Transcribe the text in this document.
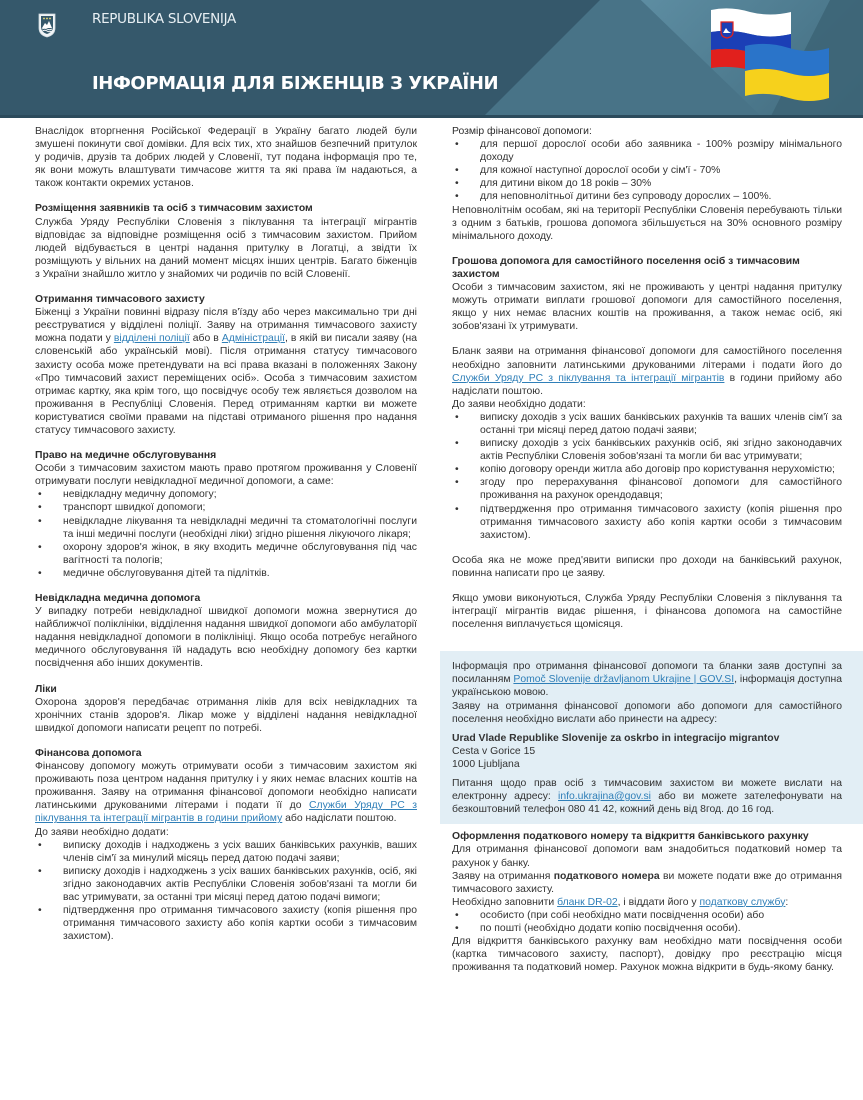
REPUBLIKA SLOVENIJA
ІНФОРМАЦІЯ ДЛЯ БІЖЕНЦІВ З УКРАЇНИ

Внаслідок вторгнення Російської Федерації в Україну багато людей були змушені покинути свої домівки. Для всіх тих, хто знайшов безпечний притулок у родичів, друзів та добрих людей у Словенії, тут подана інформація про те, як вони можуть влаштувати тимчасове життя та які права їм надаються, а також контакти окремих установ.

Розміщення заявників та осіб з тимчасовим захистом

Служба Уряду Республіки Словенія з піклування та інтеграції мігрантів відповідає за відповідне розміщення осіб з тимчасовим захистом. Прийом людей відбувається в центрі надання притулку в Логатці, а звідти їх розміщують у вільних на даний момент місцях інших центрів. Багато біженців з України знайшло житло у знайомих чи родичів по всій Словенії.

Отримання тимчасового захисту

Біженці з України повинні відразу після в'їзду або через максимально три дні реєструватися у відділені поліції. Заяву на отримання тимчасового захисту можна подати у відділені поліції або в Адміністрації, в якій ви писали заяву (на словенській або українській мові). Після отримання статусу тимчасового захисту особа може претендувати на всі права вказані в положеннях Закону «Про тимчасовий захист переміщених осіб». Особа з тимчасовим захистом отримає картку, яка крім того, що посвідчує особу теж являється дозволом на проживання в Республіці Словенія. Перед отриманням картки ви можете користуватися своїми правами на підставі отриманого рішення про надання статусу тимчасового захисту.

Право на медичне обслуговування

Особи з тимчасовим захистом мають право протягом проживання у Словенії отримувати послуги невідкладної медичної допомоги, а саме:

• невідкладну медичну допомогу;
• транспорт швидкої допомоги;
• невідкладне лікування та невідкладні медичні та стоматологічні послуги та інші медичні послуги (необхідні ліки) згідно рішення лікуючого лікаря;
• охорону здоров'я жінок, в яку входить медичне обслуговування під час вагітності та пологів;
• медичне обслуговування дітей та підлітків.
Невідкладна медична допомога

У випадку потреби невідкладної швидкої допомоги можна звернутися до найближчої поліклініки, відділення надання швидкої допомоги або амбулаторії надання невідкладної допомоги в поліклініці. Якщо особа потребує негайного медичного обслуговування їй нададуть всю необхідну допомогу без картки посвідчення або інших документів.

Ліки

Охорона здоров'я передбачає отримання ліків для всіх невідкладних та хронічних станів здоров'я. Лікар може у відділені надання невідкладної швидкої допомоги написати рецепт по потребі.

Фінансова допомога

Фінансову допомогу можуть отримувати особи з тимчасовим захистом які проживають поза центром надання притулку і у яких немає власних коштів на проживання. Заяву на отримання фінансової допомоги необхідно написати латинськими друкованими літерами і подати її до Служби Уряду РС з піклування та інтеграції мігрантів в години прийому або надіслати поштою.

До заяви необхідно додати:

• виписку доходів і надходжень з усіх ваших банківських рахунків, ваших членів сім'ї за минулий місяць перед датою подачі заяви;
• виписку доходів і надходжень з усіх ваших банківських рахунків, осіб, які згідно законодавчих актів Республіки Словенія зобов'язані та могли би вас утримувати, за останні три місяці перед датою подачі вимоги;
• підтвердження про отримання тимчасового захисту (копія рішення про отримання тимчасового захисту або копія картки особи з тимчасовим захистом).
Розмір фінансової допомоги:
• для першої дорослої особи або заявника - 100% розміру мінімального доходу
• для кожної наступної дорослої особи у сім'ї - 70%
• для дитини віком до 18 років – 30%
• для неповнолітньої дитини без супроводу дорослих – 100%.

Неповнолітнім особам, які на території Республіки Словенія перебувають тільки з одним з батьків, грошова допомога збільшується на 30% основного розміру мінімального доходу.

Грошова допомога для самостійного поселення осіб з тимчасовим захистом

Особи з тимчасовим захистом, які не проживають у центрі надання притулку можуть отримати виплати грошової допомоги для самостійного поселення, якщо у них немає власних коштів на проживання, а також немає осіб, які зобов'язані їх утримувати.

Бланк заяви на отримання фінансової допомоги для самостійного поселення необхідно заповнити латинськими друкованими літерами і подати його до Служби Уряду РС з піклування та інтеграції мігрантів в години прийому або надіслати поштою.

До заяви необхідно додати:

• виписку доходів з усіх ваших банківських рахунків та ваших членів сім'ї за останні три місяці перед датою подачі заяви;
• виписку доходів з усіх банківських рахунків осіб, які згідно законодавчих актів Республіки Словенія зобов'язані та могли би вас утримувати;
• копію договору оренди житла або договір про користування нерухомістю;
• згоду про перерахування фінансової допомоги для самостійного проживання на рахунок орендодавця;
• підтвердження про отримання тимчасового захисту (копія рішення про отримання тимчасового захисту або копія картки особи з тимчасовим захистом).

Особа яка не може пред'явити виписки про доходи на банківський рахунок, повинна написати про це заяву.

Якщо умови виконуються, Служба Уряду Республіки Словенія з піклування та інтеграції мігрантів видає рішення, і фінансова допомога на самостійне поселення виплачується щомісяця.

Інформація про отримання фінансової допомоги та бланки заяв доступні за посиланням Pomoč Slovenije državljanom Ukrajine | GOV.SI, інформація доступна українською мовою.

Заяву на отримання фінансової допомоги або допомоги для самостійного поселення необхідно вислати або принести на адресу:

Urad Vlade Republike Slovenije za oskrbo in integracijo migrantov

Cesta v Gorice 15

1000 Ljubljana

Питання щодо прав осіб з тимчасовим захистом ви можете вислати на електронну адресу: info.ukrajina@gov.si або ви можете зателефонувати на безкоштовний телефон 080 41 42, кожний день від 8год. до 16 год.

Оформлення податкового номеру та відкриття банківського рахунку

Для отримання фінансової допомоги вам знадобиться податковий номер та рахунок у банку.

Заяву на отримання податкового номера ви можете подати вже до отримання тимчасового захисту.

Необхідно заповнити бланк DR-02, і віддати його у податкову службу:

• особисто (при собі необхідно мати посвідчення особи) або
• по пошті (необхідно додати копію посвідчення особи).

Для відкриття банківського рахунку вам необхідно мати посвідчення особи (картка тимчасового захисту, паспорт), довідку про реєстрацію місця проживання та податковий номер. Рахунок можна відкрити в будь-якому банку.
